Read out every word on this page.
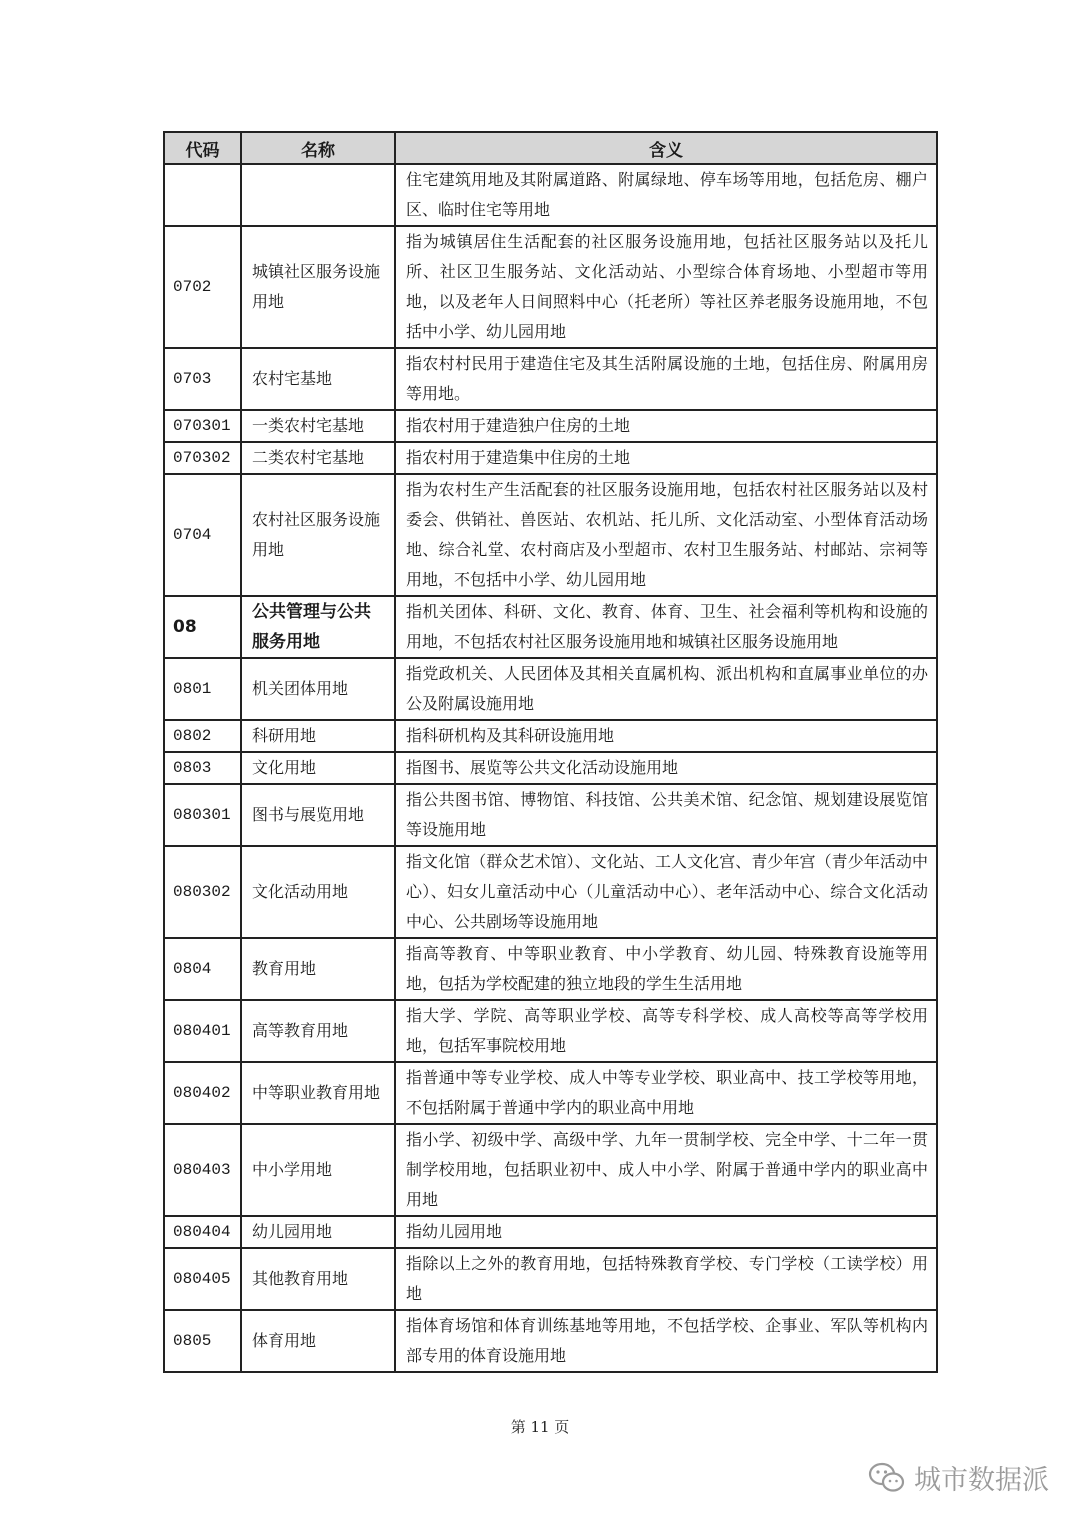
代码	名称	含义
		住宅建筑用地及其附属道路、附属绿地、停车场等用地，包括危房、棚户区、临时住宅等用地
0702	城镇社区服务设施用地	指为城镇居住生活配套的社区服务设施用地，包括社区服务站以及托儿所、社区卫生服务站、文化活动站、小型综合体育场地、小型超市等用地，以及老年人日间照料中心（托老所）等社区养老服务设施用地，不包括中小学、幼儿园用地
0703	农村宅基地	指农村村民用于建造住宅及其生活附属设施的土地，包括住房、附属用房等用地。
070301	一类农村宅基地	指农村用于建造独户住房的土地
070302	二类农村宅基地	指农村用于建造集中住房的土地
0704	农村社区服务设施用地	指为农村生产生活配套的社区服务设施用地，包括农村社区服务站以及村委会、供销社、兽医站、农机站、托儿所、文化活动室、小型体育活动场地、综合礼堂、农村商店及小型超市、农村卫生服务站、村邮站、宗祠等用地，不包括中小学、幼儿园用地
08	公共管理与公共服务用地	指机关团体、科研、文化、教育、体育、卫生、社会福利等机构和设施的用地，不包括农村社区服务设施用地和城镇社区服务设施用地
0801	机关团体用地	指党政机关、人民团体及其相关直属机构、派出机构和直属事业单位的办公及附属设施用地
0802	科研用地	指科研机构及其科研设施用地
0803	文化用地	指图书、展览等公共文化活动设施用地
080301	图书与展览用地	指公共图书馆、博物馆、科技馆、公共美术馆、纪念馆、规划建设展览馆等设施用地
080302	文化活动用地	指文化馆（群众艺术馆）、文化站、工人文化宫、青少年宫（青少年活动中心）、妇女儿童活动中心（儿童活动中心）、老年活动中心、综合文化活动中心、公共剧场等设施用地
0804	教育用地	指高等教育、中等职业教育、中小学教育、幼儿园、特殊教育设施等用地，包括为学校配建的独立地段的学生生活用地
080401	高等教育用地	指大学、学院、高等职业学校、高等专科学校、成人高校等高等学校用地，包括军事院校用地
080402	中等职业教育用地	指普通中等专业学校、成人中等专业学校、职业高中、技工学校等用地，不包括附属于普通中学内的职业高中用地
080403	中小学用地	指小学、初级中学、高级中学、九年一贯制学校、完全中学、十二年一贯制学校用地，包括职业初中、成人中小学、附属于普通中学内的职业高中用地
080404	幼儿园用地	指幼儿园用地
080405	其他教育用地	指除以上之外的教育用地，包括特殊教育学校、专门学校（工读学校）用地
0805	体育用地	指体育场馆和体育训练基地等用地，不包括学校、企事业、军队等机构内部专用的体育设施用地
第 11 页
城市数据派
